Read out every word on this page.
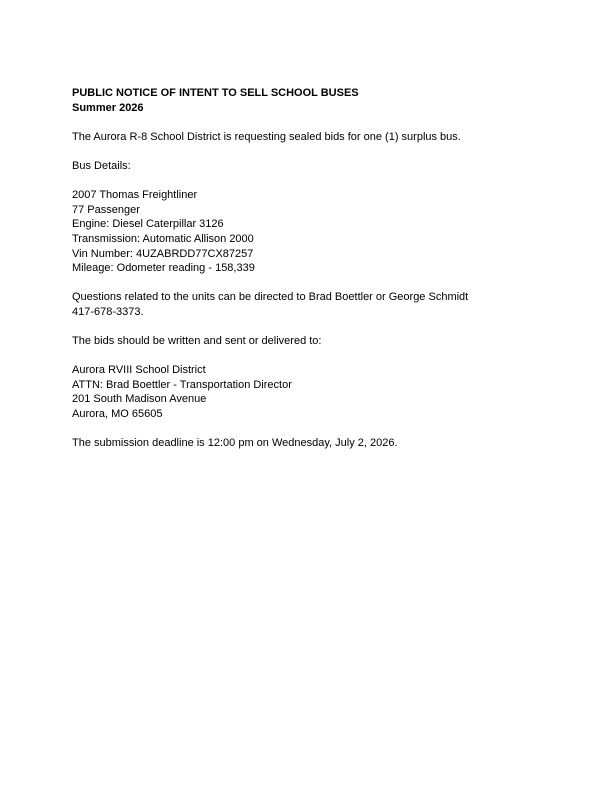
PUBLIC NOTICE OF INTENT TO SELL SCHOOL BUSES
Summer 2026
The Aurora R-8 School District is requesting sealed bids for one (1) surplus bus.
Bus Details:
2007 Thomas Freightliner
77 Passenger
Engine: Diesel Caterpillar 3126
Transmission: Automatic Allison 2000
Vin Number: 4UZABRDD77CX87257
Mileage: Odometer reading - 158,339
Questions related to the units can be directed to Brad Boettler or George Schmidt
417-678-3373.
The bids should be written and sent or delivered to:
Aurora RVIII School District
ATTN: Brad Boettler - Transportation Director
201 South Madison Avenue
Aurora, MO 65605
The submission deadline is 12:00 pm on Wednesday, July 2, 2026.
